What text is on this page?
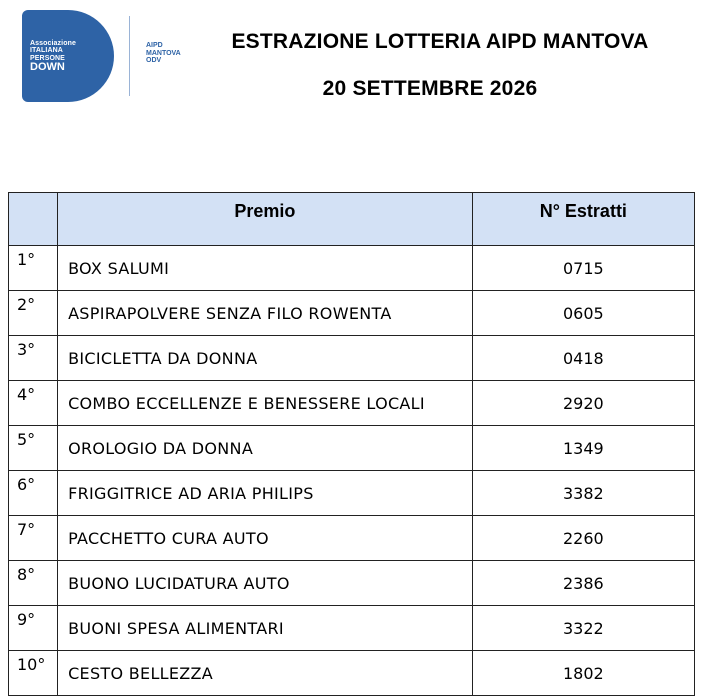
Associazione
ITALIANA
PERSONE
DOWN
AIPD
MANTOVA
ODV
ESTRAZIONE LOTTERIA AIPD MANTOVA
20 SETTEMBRE 2026
	Premio	N° Estratti
1°	BOX SALUMI	0715
2°	ASPIRAPOLVERE SENZA FILO ROWENTA	0605
3°	BICICLETTA DA DONNA	0418
4°	COMBO ECCELLENZE E BENESSERE LOCALI	2920
5°	OROLOGIO DA DONNA	1349
6°	FRIGGITRICE AD ARIA PHILIPS	3382
7°	PACCHETTO CURA AUTO	2260
8°	BUONO LUCIDATURA AUTO	2386
9°	BUONI SPESA ALIMENTARI	3322
10°	CESTO BELLEZZA	1802
